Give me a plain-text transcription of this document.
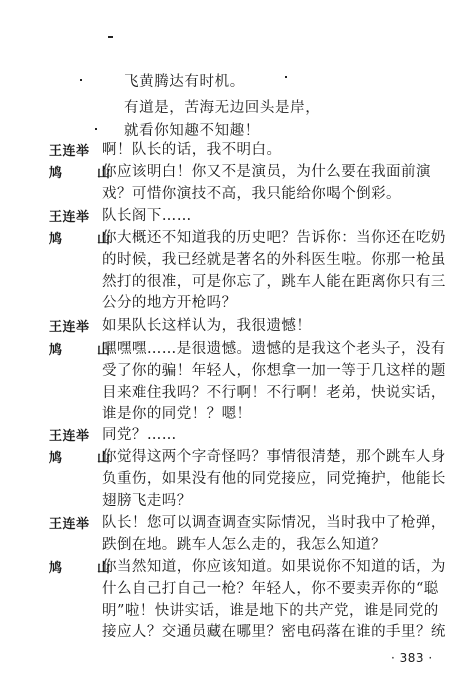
飞黄腾达有时机。
有道是，苦海无边回头是岸，
就看你知趣不知趣！
王连举 啊！队长的话，我不明白。
鸠　山
你应该明白！你又不是演员，为什么要在我面前演
戏？可惜你演技不高，我只能给你喝个倒彩。
王连举 队长阁下……
鸠　山
你大概还不知道我的历史吧？告诉你：当你还在吃奶
的时候，我已经就是著名的外科医生啦。你那一枪虽
然打的很准，可是你忘了，跳车人能在距离你只有三
公分的地方开枪吗？
王连举 如果队长这样认为，我很遗憾！
鸠　山
嘿嘿嘿……是很遗憾。遗憾的是我这个老头子，没有
受了你的骗！年轻人，你想拿一加一等于几这样的题
目来难住我吗？不行啊！不行啊！老弟，快说实话，
谁是你的同党！？嗯！
王连举 同党？……
鸠　山
你觉得这两个字奇怪吗？事情很清楚，那个跳车人身
负重伤，如果没有他的同党接应，同党掩护，他能长
翅膀飞走吗？
王连举 队长！您可以调查调查实际情况，当时我中了枪弹，
跌倒在地。跳车人怎么走的，我怎么知道？
鸠　山
你当然知道，你应该知道。如果说你不知道的话，为
什么自己打自己一枪？年轻人，你不要卖弄你的“聪
明”啦！快讲实话，谁是地下的共产党，谁是同党的
接应人？交通员藏在哪里？密电码落在谁的手里？统
· 383 ·
